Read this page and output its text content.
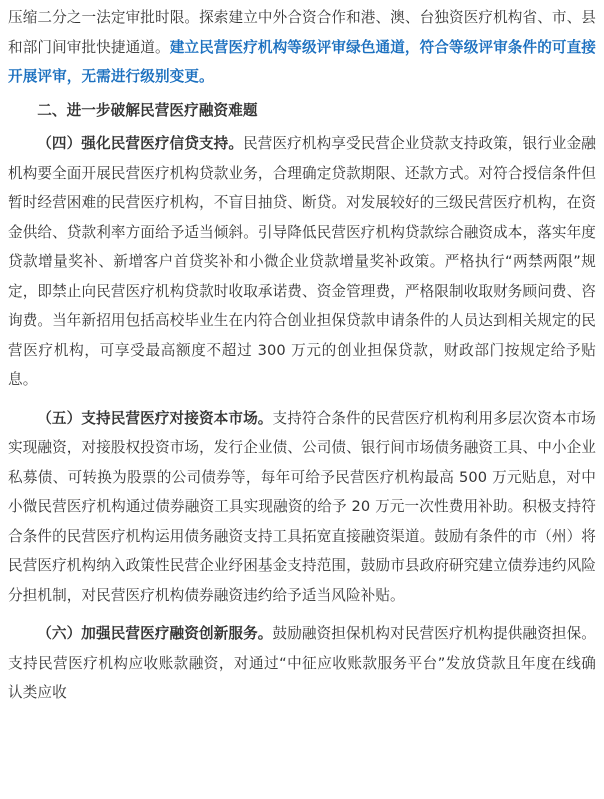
压缩二分之一法定审批时限。探索建立中外合资合作和港、澳、台独资医疗机构省、市、县和部门间审批快捷通道。建立民营医疗机构等级评审绿色通道，符合等级评审条件的可直接开展评审，无需进行级别变更。

二、进一步破解民营医疗融资难题

（四）强化民营医疗信贷支持。民营医疗机构享受民营企业贷款支持政策，银行业金融机构要全面开展民营医疗机构贷款业务，合理确定贷款期限、还款方式。对符合授信条件但暂时经营困难的民营医疗机构，不盲目抽贷、断贷。对发展较好的三级民营医疗机构，在资金供给、贷款利率方面给予适当倾斜。引导降低民营医疗机构贷款综合融资成本，落实年度贷款增量奖补、新增客户首贷奖补和小微企业贷款增量奖补政策。严格执行“两禁两限”规定，即禁止向民营医疗机构贷款时收取承诺费、资金管理费，严格限制收取财务顾问费、咨询费。当年新招用包括高校毕业生在内符合创业担保贷款申请条件的人员达到相关规定的民营医疗机构，可享受最高额度不超过 300 万元的创业担保贷款，财政部门按规定给予贴息。

（五）支持民营医疗对接资本市场。支持符合条件的民营医疗机构利用多层次资本市场实现融资，对接股权投资市场，发行企业债、公司债、银行间市场债务融资工具、中小企业私募债、可转换为股票的公司债券等，每年可给予民营医疗机构最高 500 万元贴息，对中小微民营医疗机构通过债券融资工具实现融资的给予 20 万元一次性费用补助。积极支持符合条件的民营医疗机构运用债务融资支持工具拓宽直接融资渠道。鼓励有条件的市（州）将民营医疗机构纳入政策性民营企业纾困基金支持范围，鼓励市县政府研究建立债券违约风险分担机制，对民营医疗机构债券融资违约给予适当风险补贴。

（六）加强民营医疗融资创新服务。鼓励融资担保机构对民营医疗机构提供融资担保。支持民营医疗机构应收账款融资，对通过“中征应收账款服务平台”发放贷款且年度在线确认类应收
